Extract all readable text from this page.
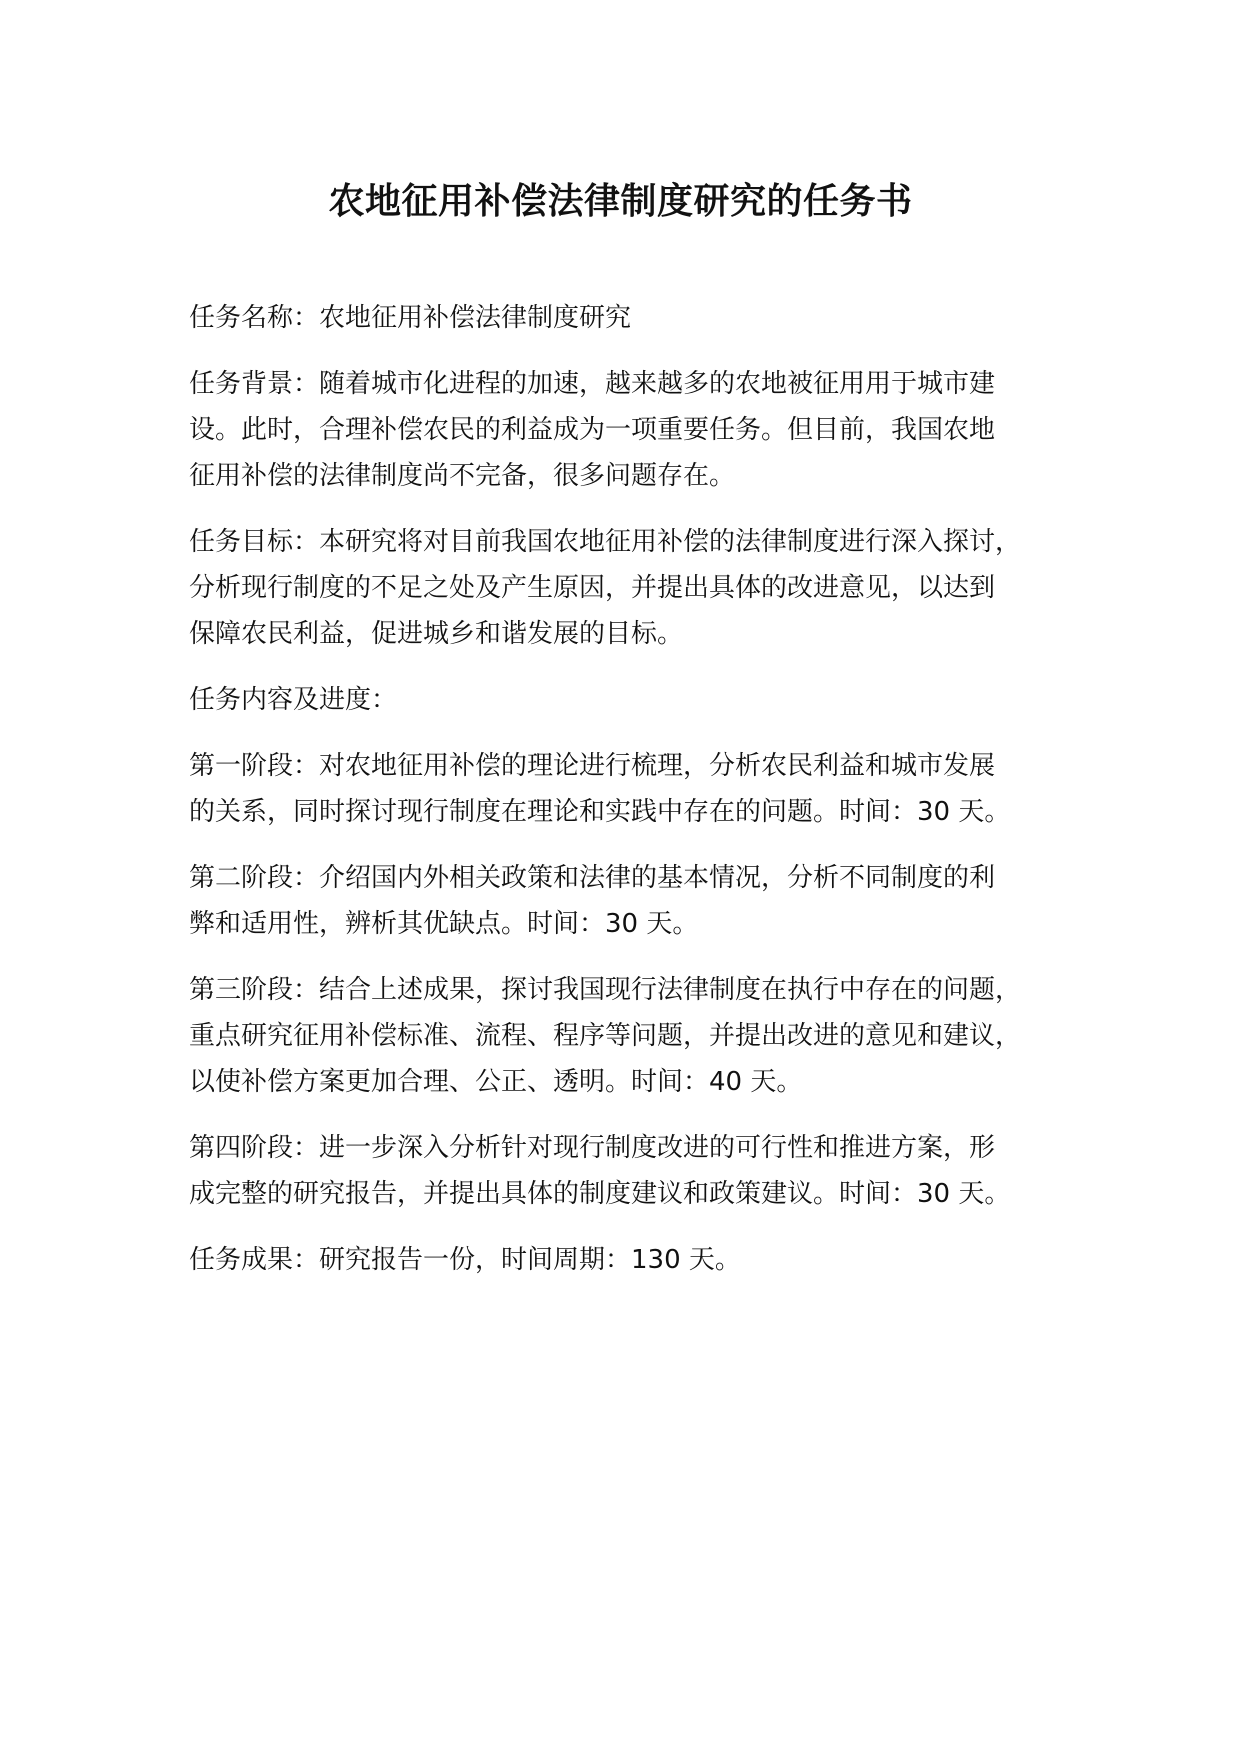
农地征用补偿法律制度研究的任务书

任务名称：农地征用补偿法律制度研究

任务背景：随着城市化进程的加速，越来越多的农地被征用用于城市建
设。此时，合理补偿农民的利益成为一项重要任务。但目前，我国农地
征用补偿的法律制度尚不完备，很多问题存在。

任务目标：本研究将对目前我国农地征用补偿的法律制度进行深入探讨，
分析现行制度的不足之处及产生原因，并提出具体的改进意见，以达到
保障农民利益，促进城乡和谐发展的目标。

任务内容及进度：

第一阶段：对农地征用补偿的理论进行梳理，分析农民利益和城市发展
的关系，同时探讨现行制度在理论和实践中存在的问题。时间：30 天。

第二阶段：介绍国内外相关政策和法律的基本情况，分析不同制度的利
弊和适用性，辨析其优缺点。时间：30 天。

第三阶段：结合上述成果，探讨我国现行法律制度在执行中存在的问题，
重点研究征用补偿标准、流程、程序等问题，并提出改进的意见和建议，
以使补偿方案更加合理、公正、透明。时间：40 天。

第四阶段：进一步深入分析针对现行制度改进的可行性和推进方案，形
成完整的研究报告，并提出具体的制度建议和政策建议。时间：30 天。

任务成果：研究报告一份，时间周期：130 天。
